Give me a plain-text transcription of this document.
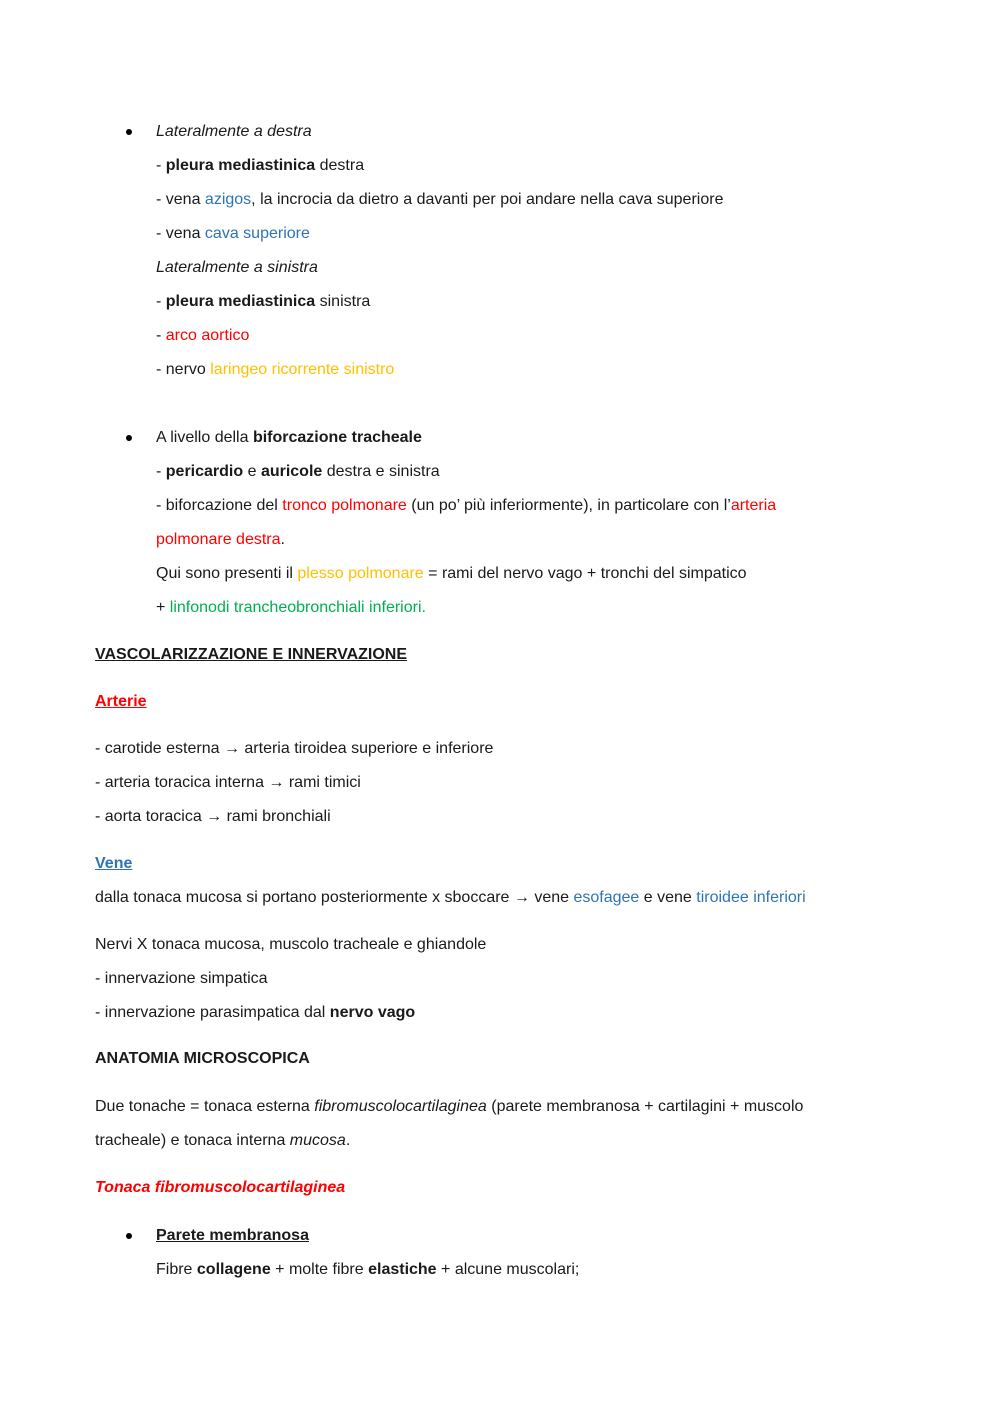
Lateralmente a destra
- pleura mediastinica destra
- vena azigos, la incrocia da dietro a davanti per poi andare nella cava superiore
- vena cava superiore
Lateralmente a sinistra
- pleura mediastinica sinistra
- arco aortico
- nervo laringeo ricorrente sinistro
A livello della biforcazione tracheale
- pericardio e auricole destra e sinistra
- biforcazione del tronco polmonare (un po’ più inferiormente), in particolare con l’arteria
polmonare destra.
Qui sono presenti il plesso polmonare = rami del nervo vago + tronchi del simpatico
+ linfonodi trancheobronchiali inferiori.
VASCOLARIZZAZIONE E INNERVAZIONE
Arterie
- carotide esterna → arteria tiroidea superiore e inferiore
- arteria toracica interna → rami timici
- aorta toracica → rami bronchiali
Vene
dalla tonaca mucosa si portano posteriormente x sboccare → vene esofagee e vene tiroidee inferiori
Nervi X tonaca mucosa, muscolo tracheale e ghiandole
- innervazione simpatica
- innervazione parasimpatica dal nervo vago
ANATOMIA MICROSCOPICA
Due tonache = tonaca esterna fibromuscolocartilaginea (parete membranosa + cartilagini + muscolo
tracheale) e tonaca interna mucosa.
Tonaca fibromuscolocartilaginea
Parete membranosa
Fibre collagene + molte fibre elastiche + alcune muscolari;
